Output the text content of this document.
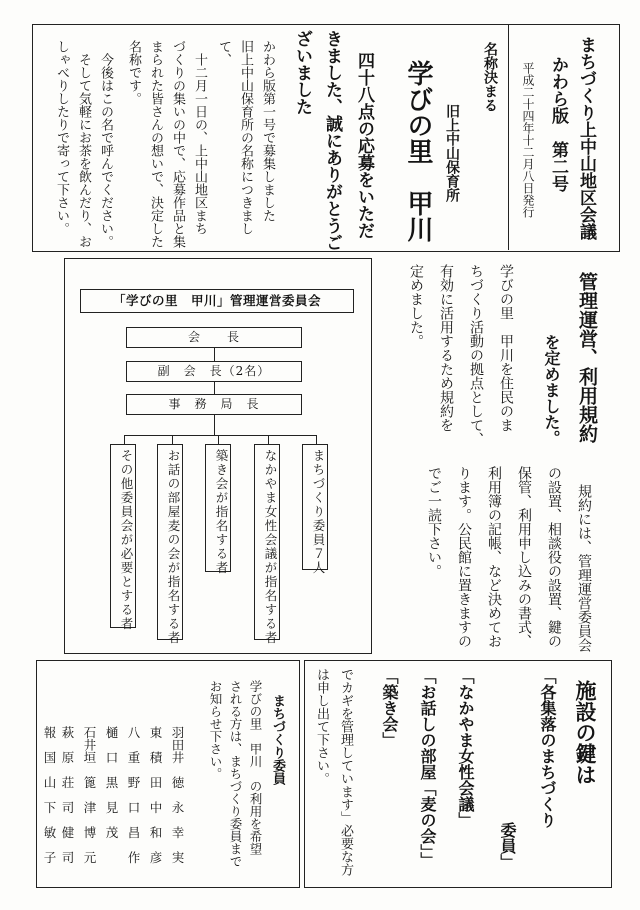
まちづくり上中山地区会議
かわら版　第二号
平成二十四年十二月八日発行
名称決まる
旧上中山保育所
学びの里　甲川
四十八点の応募をいただ
きました、誠にありがとうご
ざいました
かわら版第一号で募集しました
旧上中山保育所の名称につきまし
て、
十二月一日の、上中山地区まち
づくりの集いの中で、応募作品と集
まられた皆さんの想いで、決定した
名称です。
今後はこの名で呼んでください。
そして気軽にお茶を飲んだり、お
しゃべりしたりで寄って下さい。
管理運営、利用規約
を定めました。
学びの里　甲川を住民のま
ちづくり活動の拠点として、
有効に活用するため規約を
定めました。
規約には、管理運営委員会
の設置、相談役の設置、鍵の
保管、利用申し込みの書式、
利用簿の記帳、など決めてお
ります。公民館に置きますの
でご一読下さい。
「学びの里　甲川」管理運営委員会
会　　長
副　会　長（2名）
事　務　局　長
まちづくり委員７人
なかやま女性会議が指名する者
築き会が指名する者
お話の部屋麦の会が指名する者
その他委員会が必要とする者
施設の鍵は
「各集落のまちづくり
委員」
「なかやま女性会議」
「お話しの部屋「麦の会」」
「築き会」
でカギを管理しています」必要な方
は申し出て下さい。
まちづくり委員
学びの里　甲川　の利用を希望
される方は、まちづくり委員まで
お知らせ下さい。
羽田井　徳　永　幸　実
東　積　田　中　和　彦
八　重　野　口　昌　作
樋　口　黒　見　茂
石井垣　篦　津　博　元
萩　原　荘　司　健　司
報　国　山　下　敏　子
